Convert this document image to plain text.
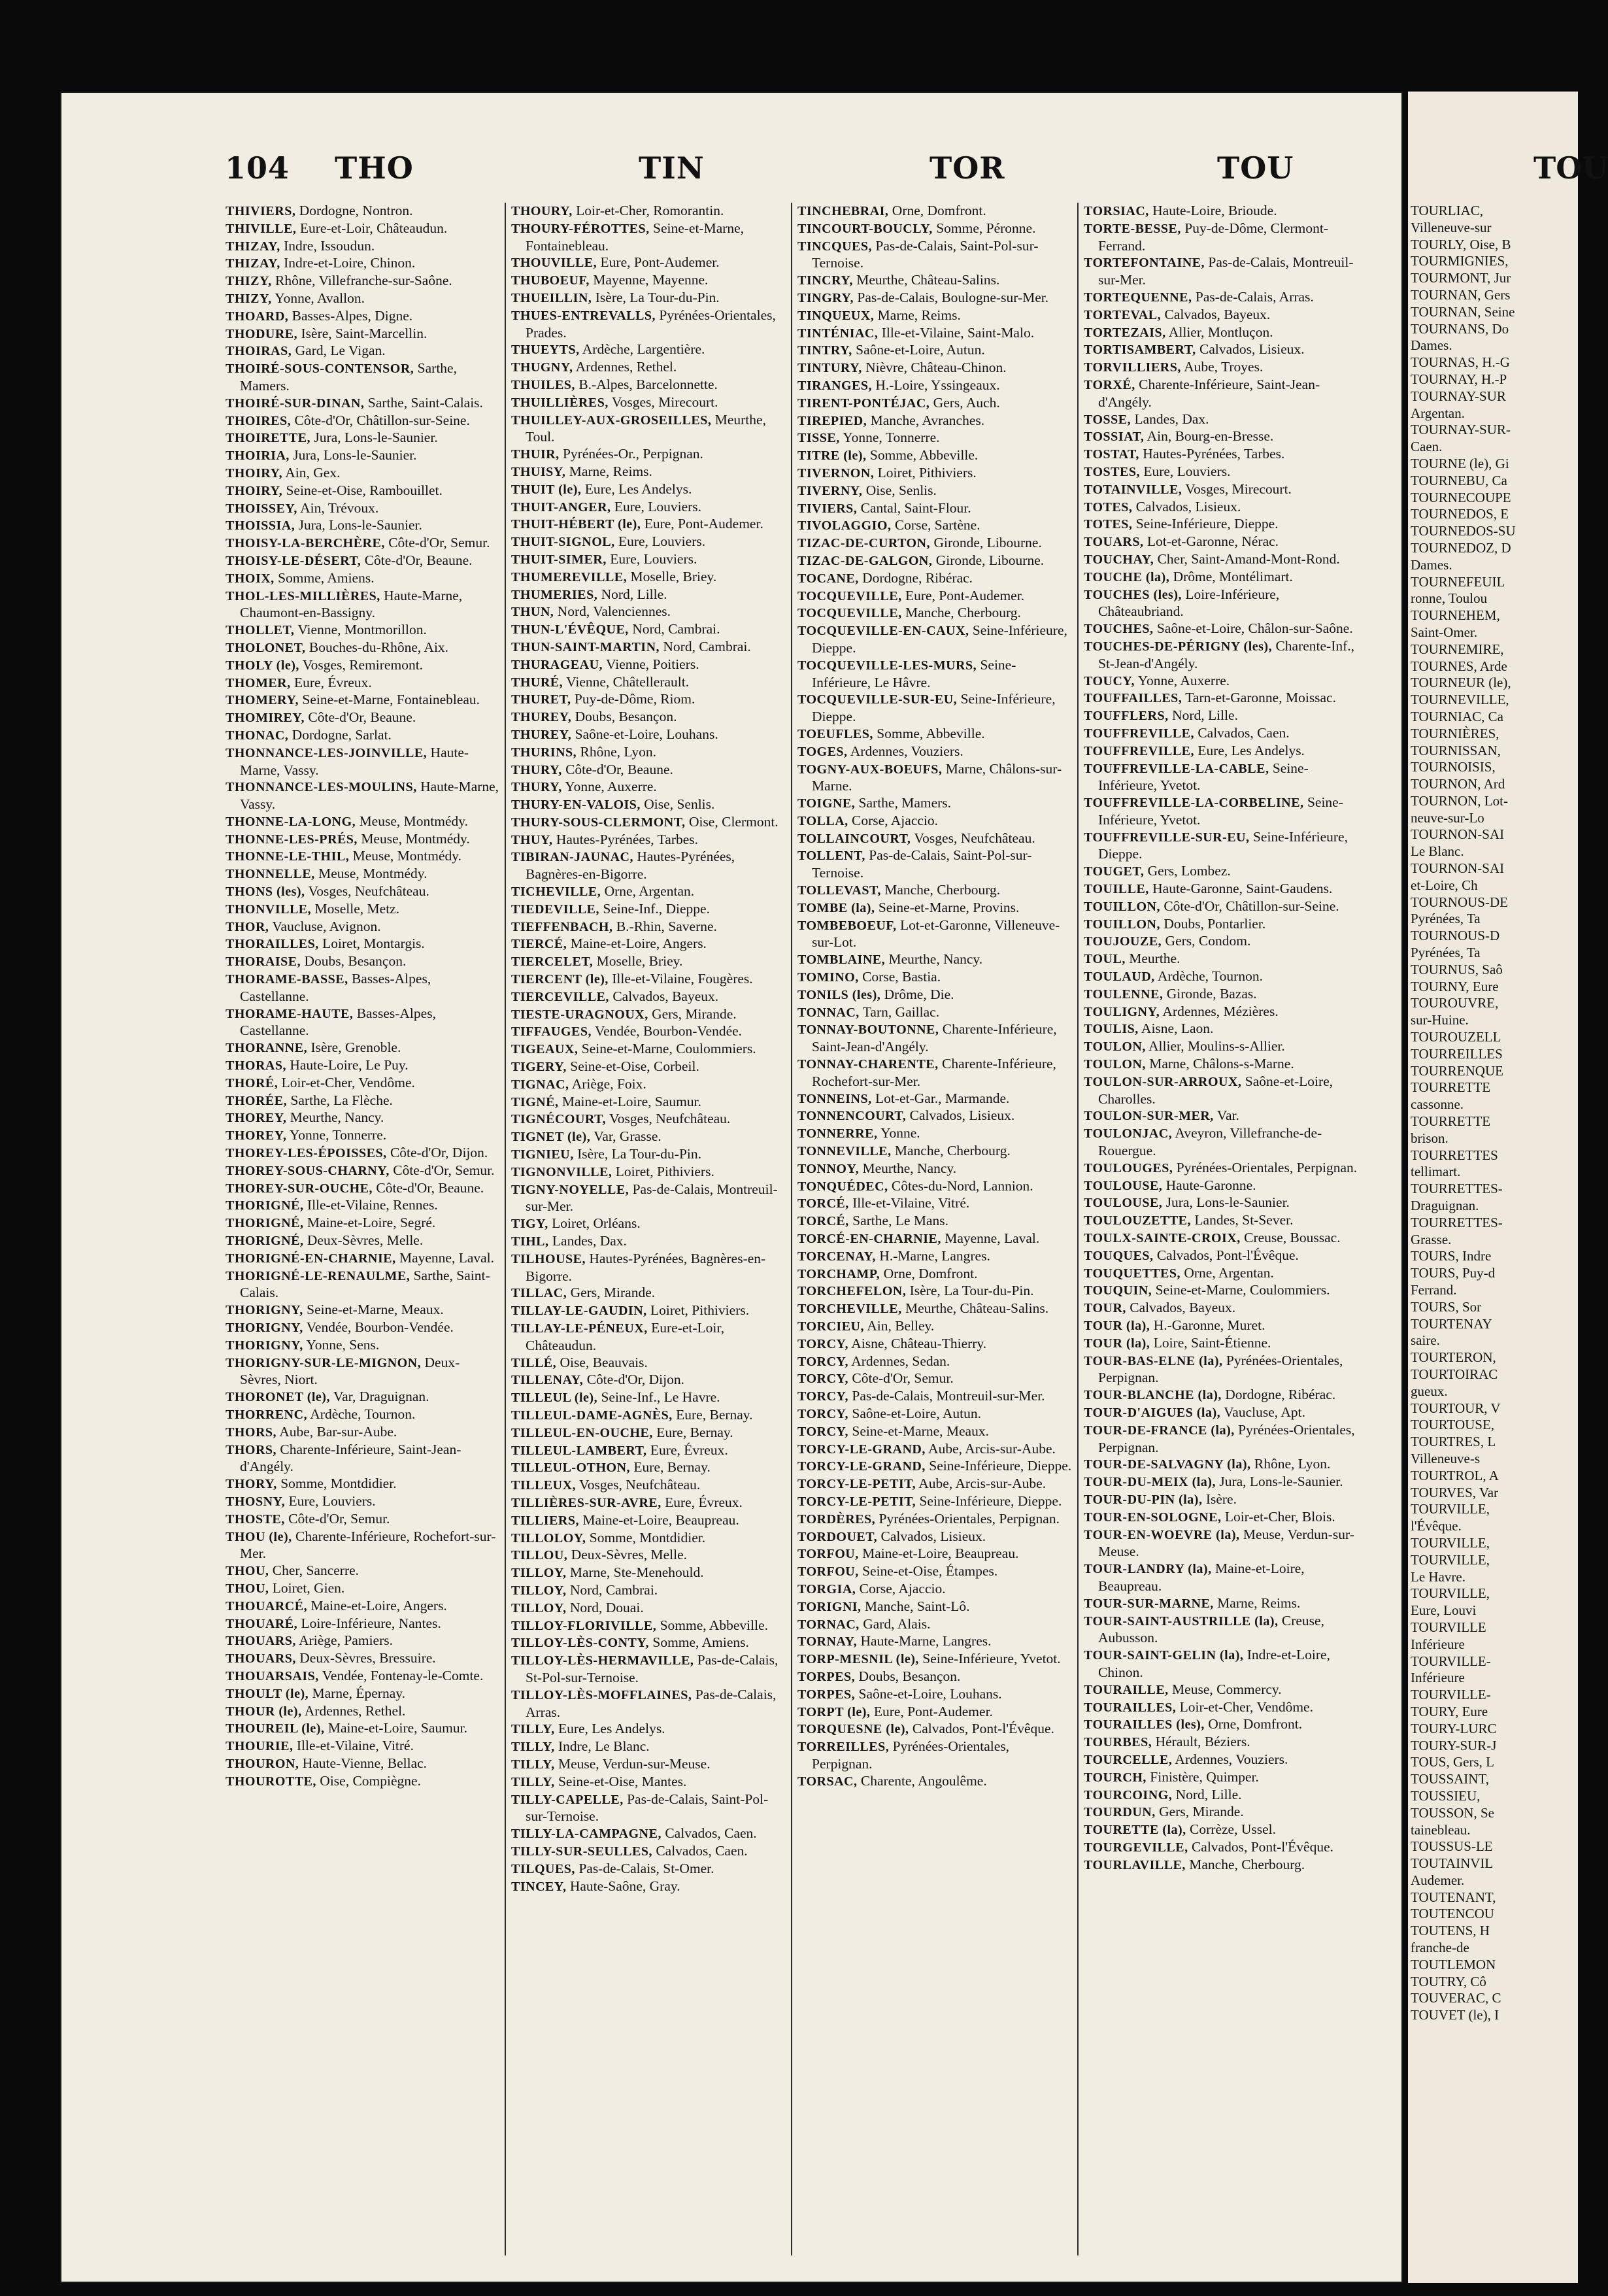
104 THO	TIN	TOR	TOU

THIVIERS, Dordogne, Nontron.

THIVILLE, Eure-et-Loir, Châteaudun.

THIZAY, Indre, Issoudun.

THIZAY, Indre-et-Loire, Chinon.

THIZY, Rhône, Villefranche-sur-Saône.

THIZY, Yonne, Avallon.

THOARD, Basses-Alpes, Digne.

THODURE, Isère, Saint-Marcellin.

THOIRAS, Gard, Le Vigan.

THOIRÉ-SOUS-CONTENSOR, Sarthe, Mamers.

THOIRÉ-SUR-DINAN, Sarthe, Saint-Calais.

THOIRES, Côte-d'Or, Châtillon-sur-Seine.

THOIRETTE, Jura, Lons-le-Saunier.

THOIRIA, Jura, Lons-le-Saunier.

THOIRY, Ain, Gex.

THOIRY, Seine-et-Oise, Rambouillet.

THOISSEY, Ain, Trévoux.

THOISSIA, Jura, Lons-le-Saunier.

THOISY-LA-BERCHÈRE, Côte-d'Or, Semur.

THOISY-LE-DÉSERT, Côte-d'Or, Beaune.

THOIX, Somme, Amiens.

THOL-LES-MILLIÈRES, Haute-Marne, Chaumont-en-Bassigny.

THOLLET, Vienne, Montmorillon.

THOLONET, Bouches-du-Rhône, Aix.

THOLY (le), Vosges, Remiremont.

THOMER, Eure, Évreux.

THOMERY, Seine-et-Marne, Fontainebleau.

THOMIREY, Côte-d'Or, Beaune.

THONAC, Dordogne, Sarlat.

THONNANCE-LES-JOINVILLE, Haute-Marne, Vassy.

THONNANCE-LES-MOULINS, Haute-Marne, Vassy.

THONNE-LA-LONG, Meuse, Montmédy.

THONNE-LES-PRÉS, Meuse, Montmédy.

THONNE-LE-THIL, Meuse, Montmédy.

THONNELLE, Meuse, Montmédy.

THONS (les), Vosges, Neufchâteau.

THONVILLE, Moselle, Metz.

THOR, Vaucluse, Avignon.

THORAILLES, Loiret, Montargis.

THORAISE, Doubs, Besançon.

THORAME-BASSE, Basses-Alpes, Castellanne.

THORAME-HAUTE, Basses-Alpes, Castellanne.

THORANNE, Isère, Grenoble.

THORAS, Haute-Loire, Le Puy.

THORÉ, Loir-et-Cher, Vendôme.

THORÉE, Sarthe, La Flèche.

THOREY, Meurthe, Nancy.

THOREY, Yonne, Tonnerre.

THOREY-LES-ÉPOISSES, Côte-d'Or, Dijon.

THOREY-SOUS-CHARNY, Côte-d'Or, Semur.

THOREY-SUR-OUCHE, Côte-d'Or, Beaune.

THORIGNÉ, Ille-et-Vilaine, Rennes.

THORIGNÉ, Maine-et-Loire, Segré.

THORIGNÉ, Deux-Sèvres, Melle.

THORIGNÉ-EN-CHARNIE, Mayenne, Laval.

THORIGNÉ-LE-RENAULME, Sarthe, Saint-Calais.

THORIGNY, Seine-et-Marne, Meaux.

THORIGNY, Vendée, Bourbon-Vendée.

THORIGNY, Yonne, Sens.

THORIGNY-SUR-LE-MIGNON, Deux-Sèvres, Niort.

THORONET (le), Var, Draguignan.

THORRENC, Ardèche, Tournon.

THORS, Aube, Bar-sur-Aube.

THORS, Charente-Inférieure, Saint-Jean-d'Angély.

THORY, Somme, Montdidier.

THOSNY, Eure, Louviers.

THOSTE, Côte-d'Or, Semur.

THOU (le), Charente-Inférieure, Rochefort-sur-Mer.

THOU, Cher, Sancerre.

THOU, Loiret, Gien.

THOUARCÉ, Maine-et-Loire, Angers.

THOUARÉ, Loire-Inférieure, Nantes.

THOUARS, Ariège, Pamiers.

THOUARS, Deux-Sèvres, Bressuire.

THOUARSAIS, Vendée, Fontenay-le-Comte.

THOULT (le), Marne, Épernay.

THOUR (le), Ardennes, Rethel.

THOUREIL (le), Maine-et-Loire, Saumur.

THOURIE, Ille-et-Vilaine, Vitré.

THOURON, Haute-Vienne, Bellac.

THOUROTTE, Oise, Compiègne.

THOURY, Loir-et-Cher, Romorantin.

THOURY-FÉROTTES, Seine-et-Marne, Fontainebleau.

THOUVILLE, Eure, Pont-Audemer.

THUBOEUF, Mayenne, Mayenne.

THUEILLIN, Isère, La Tour-du-Pin.

THUES-ENTREVALLS, Pyrénées-Orientales, Prades.

THUEYTS, Ardèche, Largentière.

THUGNY, Ardennes, Rethel.

THUILES, B.-Alpes, Barcelonnette.

THUILLIÈRES, Vosges, Mirecourt.

THUILLEY-AUX-GROSEILLES, Meurthe, Toul.

THUIR, Pyrénées-Or., Perpignan.

THUISY, Marne, Reims.

THUIT (le), Eure, Les Andelys.

THUIT-ANGER, Eure, Louviers.

THUIT-HÉBERT (le), Eure, Pont-Audemer.

THUIT-SIGNOL, Eure, Louviers.

THUIT-SIMER, Eure, Louviers.

THUMEREVILLE, Moselle, Briey.

THUMERIES, Nord, Lille.

THUN, Nord, Valenciennes.

THUN-L'ÉVÊQUE, Nord, Cambrai.

THUN-SAINT-MARTIN, Nord, Cambrai.

THURAGEAU, Vienne, Poitiers.

THURÉ, Vienne, Châtellerault.

THURET, Puy-de-Dôme, Riom.

THUREY, Doubs, Besançon.

THUREY, Saône-et-Loire, Louhans.

THURINS, Rhône, Lyon.

THURY, Côte-d'Or, Beaune.

THURY, Yonne, Auxerre.

THURY-EN-VALOIS, Oise, Senlis.

THURY-SOUS-CLERMONT, Oise, Clermont.

THUY, Hautes-Pyrénées, Tarbes.

TIBIRAN-JAUNAC, Hautes-Pyrénées, Bagnères-en-Bigorre.

TICHEVILLE, Orne, Argentan.

TIEDEVILLE, Seine-Inf., Dieppe.

TIEFFENBACH, B.-Rhin, Saverne.

TIERCÉ, Maine-et-Loire, Angers.

TIERCELET, Moselle, Briey.

TIERCENT (le), Ille-et-Vilaine, Fougères.

TIERCEVILLE, Calvados, Bayeux.

TIESTE-URAGNOUX, Gers, Mirande.

TIFFAUGES, Vendée, Bourbon-Vendée.

TIGEAUX, Seine-et-Marne, Coulommiers.

TIGERY, Seine-et-Oise, Corbeil.

TIGNAC, Ariège, Foix.

TIGNÉ, Maine-et-Loire, Saumur.

TIGNÉCOURT, Vosges, Neufchâteau.

TIGNET (le), Var, Grasse.

TIGNIEU, Isère, La Tour-du-Pin.

TIGNONVILLE, Loiret, Pithiviers.

TIGNY-NOYELLE, Pas-de-Calais, Montreuil-sur-Mer.

TIGY, Loiret, Orléans.

TIHL, Landes, Dax.

TILHOUSE, Hautes-Pyrénées, Bagnères-en-Bigorre.

TILLAC, Gers, Mirande.

TILLAY-LE-GAUDIN, Loiret, Pithiviers.

TILLAY-LE-PÉNEUX, Eure-et-Loir, Châteaudun.

TILLÉ, Oise, Beauvais.

TILLENAY, Côte-d'Or, Dijon.

TILLEUL (le), Seine-Inf., Le Havre.

TILLEUL-DAME-AGNÈS, Eure, Bernay.

TILLEUL-EN-OUCHE, Eure, Bernay.

TILLEUL-LAMBERT, Eure, Évreux.

TILLEUL-OTHON, Eure, Bernay.

TILLEUX, Vosges, Neufchâteau.

TILLIÈRES-SUR-AVRE, Eure, Évreux.

TILLIERS, Maine-et-Loire, Beaupreau.

TILLOLOY, Somme, Montdidier.

TILLOU, Deux-Sèvres, Melle.

TILLOY, Marne, Ste-Menehould.

TILLOY, Nord, Cambrai.

TILLOY, Nord, Douai.

TILLOY-FLORIVILLE, Somme, Abbeville.

TILLOY-LÈS-CONTY, Somme, Amiens.

TILLOY-LÈS-HERMAVILLE, Pas-de-Calais, St-Pol-sur-Ternoise.

TILLOY-LÈS-MOFFLAINES, Pas-de-Calais, Arras.

TILLY, Eure, Les Andelys.

TILLY, Indre, Le Blanc.

TILLY, Meuse, Verdun-sur-Meuse.

TILLY, Seine-et-Oise, Mantes.

TILLY-CAPELLE, Pas-de-Calais, Saint-Pol-sur-Ternoise.

TILLY-LA-CAMPAGNE, Calvados, Caen.

TILLY-SUR-SEULLES, Calvados, Caen.

TILQUES, Pas-de-Calais, St-Omer.

TINCEY, Haute-Saône, Gray.

TINCHEBRAI, Orne, Domfront.

TINCOURT-BOUCLY, Somme, Péronne.

TINCQUES, Pas-de-Calais, Saint-Pol-sur-Ternoise.

TINCRY, Meurthe, Château-Salins.

TINGRY, Pas-de-Calais, Boulogne-sur-Mer.

TINQUEUX, Marne, Reims.

TINTÉNIAC, Ille-et-Vilaine, Saint-Malo.

TINTRY, Saône-et-Loire, Autun.

TINTURY, Nièvre, Château-Chinon.

TIRANGES, H.-Loire, Yssingeaux.

TIRENT-PONTÉJAC, Gers, Auch.

TIREPIED, Manche, Avranches.

TISSE, Yonne, Tonnerre.

TITRE (le), Somme, Abbeville.

TIVERNON, Loiret, Pithiviers.

TIVERNY, Oise, Senlis.

TIVIERS, Cantal, Saint-Flour.

TIVOLAGGIO, Corse, Sartène.

TIZAC-DE-CURTON, Gironde, Libourne.

TIZAC-DE-GALGON, Gironde, Libourne.

TOCANE, Dordogne, Ribérac.

TOCQUEVILLE, Eure, Pont-Audemer.

TOCQUEVILLE, Manche, Cherbourg.

TOCQUEVILLE-EN-CAUX, Seine-Inférieure, Dieppe.

TOCQUEVILLE-LES-MURS, Seine-Inférieure, Le Hâvre.

TOCQUEVILLE-SUR-EU, Seine-Inférieure, Dieppe.

TOEUFLES, Somme, Abbeville.

TOGES, Ardennes, Vouziers.

TOGNY-AUX-BOEUFS, Marne, Châlons-sur-Marne.

TOIGNE, Sarthe, Mamers.

TOLLA, Corse, Ajaccio.

TOLLAINCOURT, Vosges, Neufchâteau.

TOLLENT, Pas-de-Calais, Saint-Pol-sur-Ternoise.

TOLLEVAST, Manche, Cherbourg.

TOMBE (la), Seine-et-Marne, Provins.

TOMBEBOEUF, Lot-et-Garonne, Villeneuve-sur-Lot.

TOMBLAINE, Meurthe, Nancy.

TOMINO, Corse, Bastia.

TONILS (les), Drôme, Die.

TONNAC, Tarn, Gaillac.

TONNAY-BOUTONNE, Charente-Inférieure, Saint-Jean-d'Angély.

TONNAY-CHARENTE, Charente-Inférieure, Rochefort-sur-Mer.

TONNEINS, Lot-et-Gar., Marmande.

TONNENCOURT, Calvados, Lisieux.

TONNERRE, Yonne.

TONNEVILLE, Manche, Cherbourg.

TONNOY, Meurthe, Nancy.

TONQUÉDEC, Côtes-du-Nord, Lannion.

TORCÉ, Ille-et-Vilaine, Vitré.

TORCÉ, Sarthe, Le Mans.

TORCÉ-EN-CHARNIE, Mayenne, Laval.

TORCENAY, H.-Marne, Langres.

TORCHAMP, Orne, Domfront.

TORCHEFELON, Isère, La Tour-du-Pin.

TORCHEVILLE, Meurthe, Château-Salins.

TORCIEU, Ain, Belley.

TORCY, Aisne, Château-Thierry.

TORCY, Ardennes, Sedan.

TORCY, Côte-d'Or, Semur.

TORCY, Pas-de-Calais, Montreuil-sur-Mer.

TORCY, Saône-et-Loire, Autun.

TORCY, Seine-et-Marne, Meaux.

TORCY-LE-GRAND, Aube, Arcis-sur-Aube.

TORCY-LE-GRAND, Seine-Inférieure, Dieppe.

TORCY-LE-PETIT, Aube, Arcis-sur-Aube.

TORCY-LE-PETIT, Seine-Inférieure, Dieppe.

TORDÈRES, Pyrénées-Orientales, Perpignan.

TORDOUET, Calvados, Lisieux.

TORFOU, Maine-et-Loire, Beaupreau.

TORFOU, Seine-et-Oise, Étampes.

TORGIA, Corse, Ajaccio.

TORIGNI, Manche, Saint-Lô.

TORNAC, Gard, Alais.

TORNAY, Haute-Marne, Langres.

TORP-MESNIL (le), Seine-Inférieure, Yvetot.

TORPES, Doubs, Besançon.

TORPES, Saône-et-Loire, Louhans.

TORPT (le), Eure, Pont-Audemer.

TORQUESNE (le), Calvados, Pont-l'Évêque.

TORREILLES, Pyrénées-Orientales, Perpignan.

TORSAC, Charente, Angoulême.

TORSIAC, Haute-Loire, Brioude.

TORTE-BESSE, Puy-de-Dôme, Clermont-Ferrand.

TORTEFONTAINE, Pas-de-Calais, Montreuil-sur-Mer.

TORTEQUENNE, Pas-de-Calais, Arras.

TORTEVAL, Calvados, Bayeux.

TORTEZAIS, Allier, Montluçon.

TORTISAMBERT, Calvados, Lisieux.

TORVILLIERS, Aube, Troyes.

TORXÉ, Charente-Inférieure, Saint-Jean-d'Angély.

TOSSE, Landes, Dax.

TOSSIAT, Ain, Bourg-en-Bresse.

TOSTAT, Hautes-Pyrénées, Tarbes.

TOSTES, Eure, Louviers.

TOTAINVILLE, Vosges, Mirecourt.

TOTES, Calvados, Lisieux.

TOTES, Seine-Inférieure, Dieppe.

TOUARS, Lot-et-Garonne, Nérac.

TOUCHAY, Cher, Saint-Amand-Mont-Rond.

TOUCHE (la), Drôme, Montélimart.

TOUCHES (les), Loire-Inférieure, Châteaubriand.

TOUCHES, Saône-et-Loire, Châlon-sur-Saône.

TOUCHES-DE-PÉRIGNY (les), Charente-Inf., St-Jean-d'Angély.

TOUCY, Yonne, Auxerre.

TOUFFAILLES, Tarn-et-Garonne, Moissac.

TOUFFLERS, Nord, Lille.

TOUFFREVILLE, Calvados, Caen.

TOUFFREVILLE, Eure, Les Andelys.

TOUFFREVILLE-LA-CABLE, Seine-Inférieure, Yvetot.

TOUFFREVILLE-LA-CORBELINE, Seine-Inférieure, Yvetot.

TOUFFREVILLE-SUR-EU, Seine-Inférieure, Dieppe.

TOUGET, Gers, Lombez.

TOUILLE, Haute-Garonne, Saint-Gaudens.

TOUILLON, Côte-d'Or, Châtillon-sur-Seine.

TOUILLON, Doubs, Pontarlier.

TOUJOUZE, Gers, Condom.

TOUL, Meurthe.

TOULAUD, Ardèche, Tournon.

TOULENNE, Gironde, Bazas.

TOULIGNY, Ardennes, Mézières.

TOULIS, Aisne, Laon.

TOULON, Allier, Moulins-s-Allier.

TOULON, Marne, Châlons-s-Marne.

TOULON-SUR-ARROUX, Saône-et-Loire, Charolles.

TOULON-SUR-MER, Var.

TOULONJAC, Aveyron, Villefranche-de-Rouergue.

TOULOUGES, Pyrénées-Orientales, Perpignan.

TOULOUSE, Haute-Garonne.

TOULOUSE, Jura, Lons-le-Saunier.

TOULOUZETTE, Landes, St-Sever.

TOULX-SAINTE-CROIX, Creuse, Boussac.

TOUQUES, Calvados, Pont-l'Évêque.

TOUQUETTES, Orne, Argentan.

TOUQUIN, Seine-et-Marne, Coulommiers.

TOUR, Calvados, Bayeux.

TOUR (la), H.-Garonne, Muret.

TOUR (la), Loire, Saint-Étienne.

TOUR-BAS-ELNE (la), Pyrénées-Orientales, Perpignan.

TOUR-BLANCHE (la), Dordogne, Ribérac.

TOUR-D'AIGUES (la), Vaucluse, Apt.

TOUR-DE-FRANCE (la), Pyrénées-Orientales, Perpignan.

TOUR-DE-SALVAGNY (la), Rhône, Lyon.

TOUR-DU-MEIX (la), Jura, Lons-le-Saunier.

TOUR-DU-PIN (la), Isère.

TOUR-EN-SOLOGNE, Loir-et-Cher, Blois.

TOUR-EN-WOEVRE (la), Meuse, Verdun-sur-Meuse.

TOUR-LANDRY (la), Maine-et-Loire, Beaupreau.

TOUR-SUR-MARNE, Marne, Reims.

TOUR-SAINT-AUSTRILLE (la), Creuse, Aubusson.

TOUR-SAINT-GELIN (la), Indre-et-Loire, Chinon.

TOURAILLE, Meuse, Commercy.

TOURAILLES, Loir-et-Cher, Vendôme.

TOURAILLES (les), Orne, Domfront.

TOURBES, Hérault, Béziers.

TOURCELLE, Ardennes, Vouziers.

TOURCH, Finistère, Quimper.

TOURCOING, Nord, Lille.

TOURDUN, Gers, Mirande.

TOURETTE (la), Corrèze, Ussel.

TOURGEVILLE, Calvados, Pont-l'Évêque.

TOURLAVILLE, Manche, Cherbourg.

TOU
TOURLIAC,
Villeneuve-sur
TOURLY, Oise, B
TOURMIGNIES,
TOURMONT, Jur
TOURNAN, Gers
TOURNAN, Seine
TOURNANS, Do
Dames.
TOURNAS, H.-G
TOURNAY, H.-P
TOURNAY-SUR
Argentan.
TOURNAY-SUR-
Caen.
TOURNE (le), Gi
TOURNEBU, Ca
TOURNECOUPE
TOURNEDOS, E
TOURNEDOS-SU
TOURNEDOZ, D
Dames.
TOURNEFEUIL
ronne, Toulou
TOURNEHEM,
Saint-Omer.
TOURNEMIRE,
TOURNES, Arde
TOURNEUR (le),
TOURNEVILLE,
TOURNIAC, Ca
TOURNIÈRES,
TOURNISSAN,
TOURNOISIS,
TOURNON, Ard
TOURNON, Lot-
neuve-sur-Lo
TOURNON-SAI
Le Blanc.
TOURNON-SAI
et-Loire, Ch
TOURNOUS-DE
Pyrénées, Ta
TOURNOUS-D
Pyrénées, Ta
TOURNUS, Saô
TOURNY, Eure
TOUROUVRE,
sur-Huine.
TOUROUZELL
TOURREILLES
TOURRENQUE
TOURRETTE
cassonne.
TOURRETTE
brison.
TOURRETTES
tellimart.
TOURRETTES-
Draguignan.
TOURRETTES-
Grasse.
TOURS, Indre
TOURS, Puy-d
Ferrand.
TOURS, Sor
TOURTENAY
saire.
TOURTERON,
TOURTOIRAC
gueux.
TOURTOUR, V
TOURTOUSE,
TOURTRES, L
Villeneuve-s
TOURTROL, A
TOURVES, Var
TOURVILLE,
l'Évêque.
TOURVILLE,
TOURVILLE,
Le Havre.
TOURVILLE,
Eure, Louvi
TOURVILLE
Inférieure
TOURVILLE-
Inférieure
TOURVILLE-
TOURY, Eure
TOURY-LURC
TOURY-SUR-J
TOUS, Gers, L
TOUSSAINT,
TOUSSIEU,
TOUSSON, Se
tainebleau.
TOUSSUS-LE
TOUTAINVIL
Audemer.
TOUTENANT,
TOUTENCOU
TOUTENS, H
franche-de
TOUTLEMON
TOUTRY, Cô
TOUVERAC, C
TOUVET (le), I
